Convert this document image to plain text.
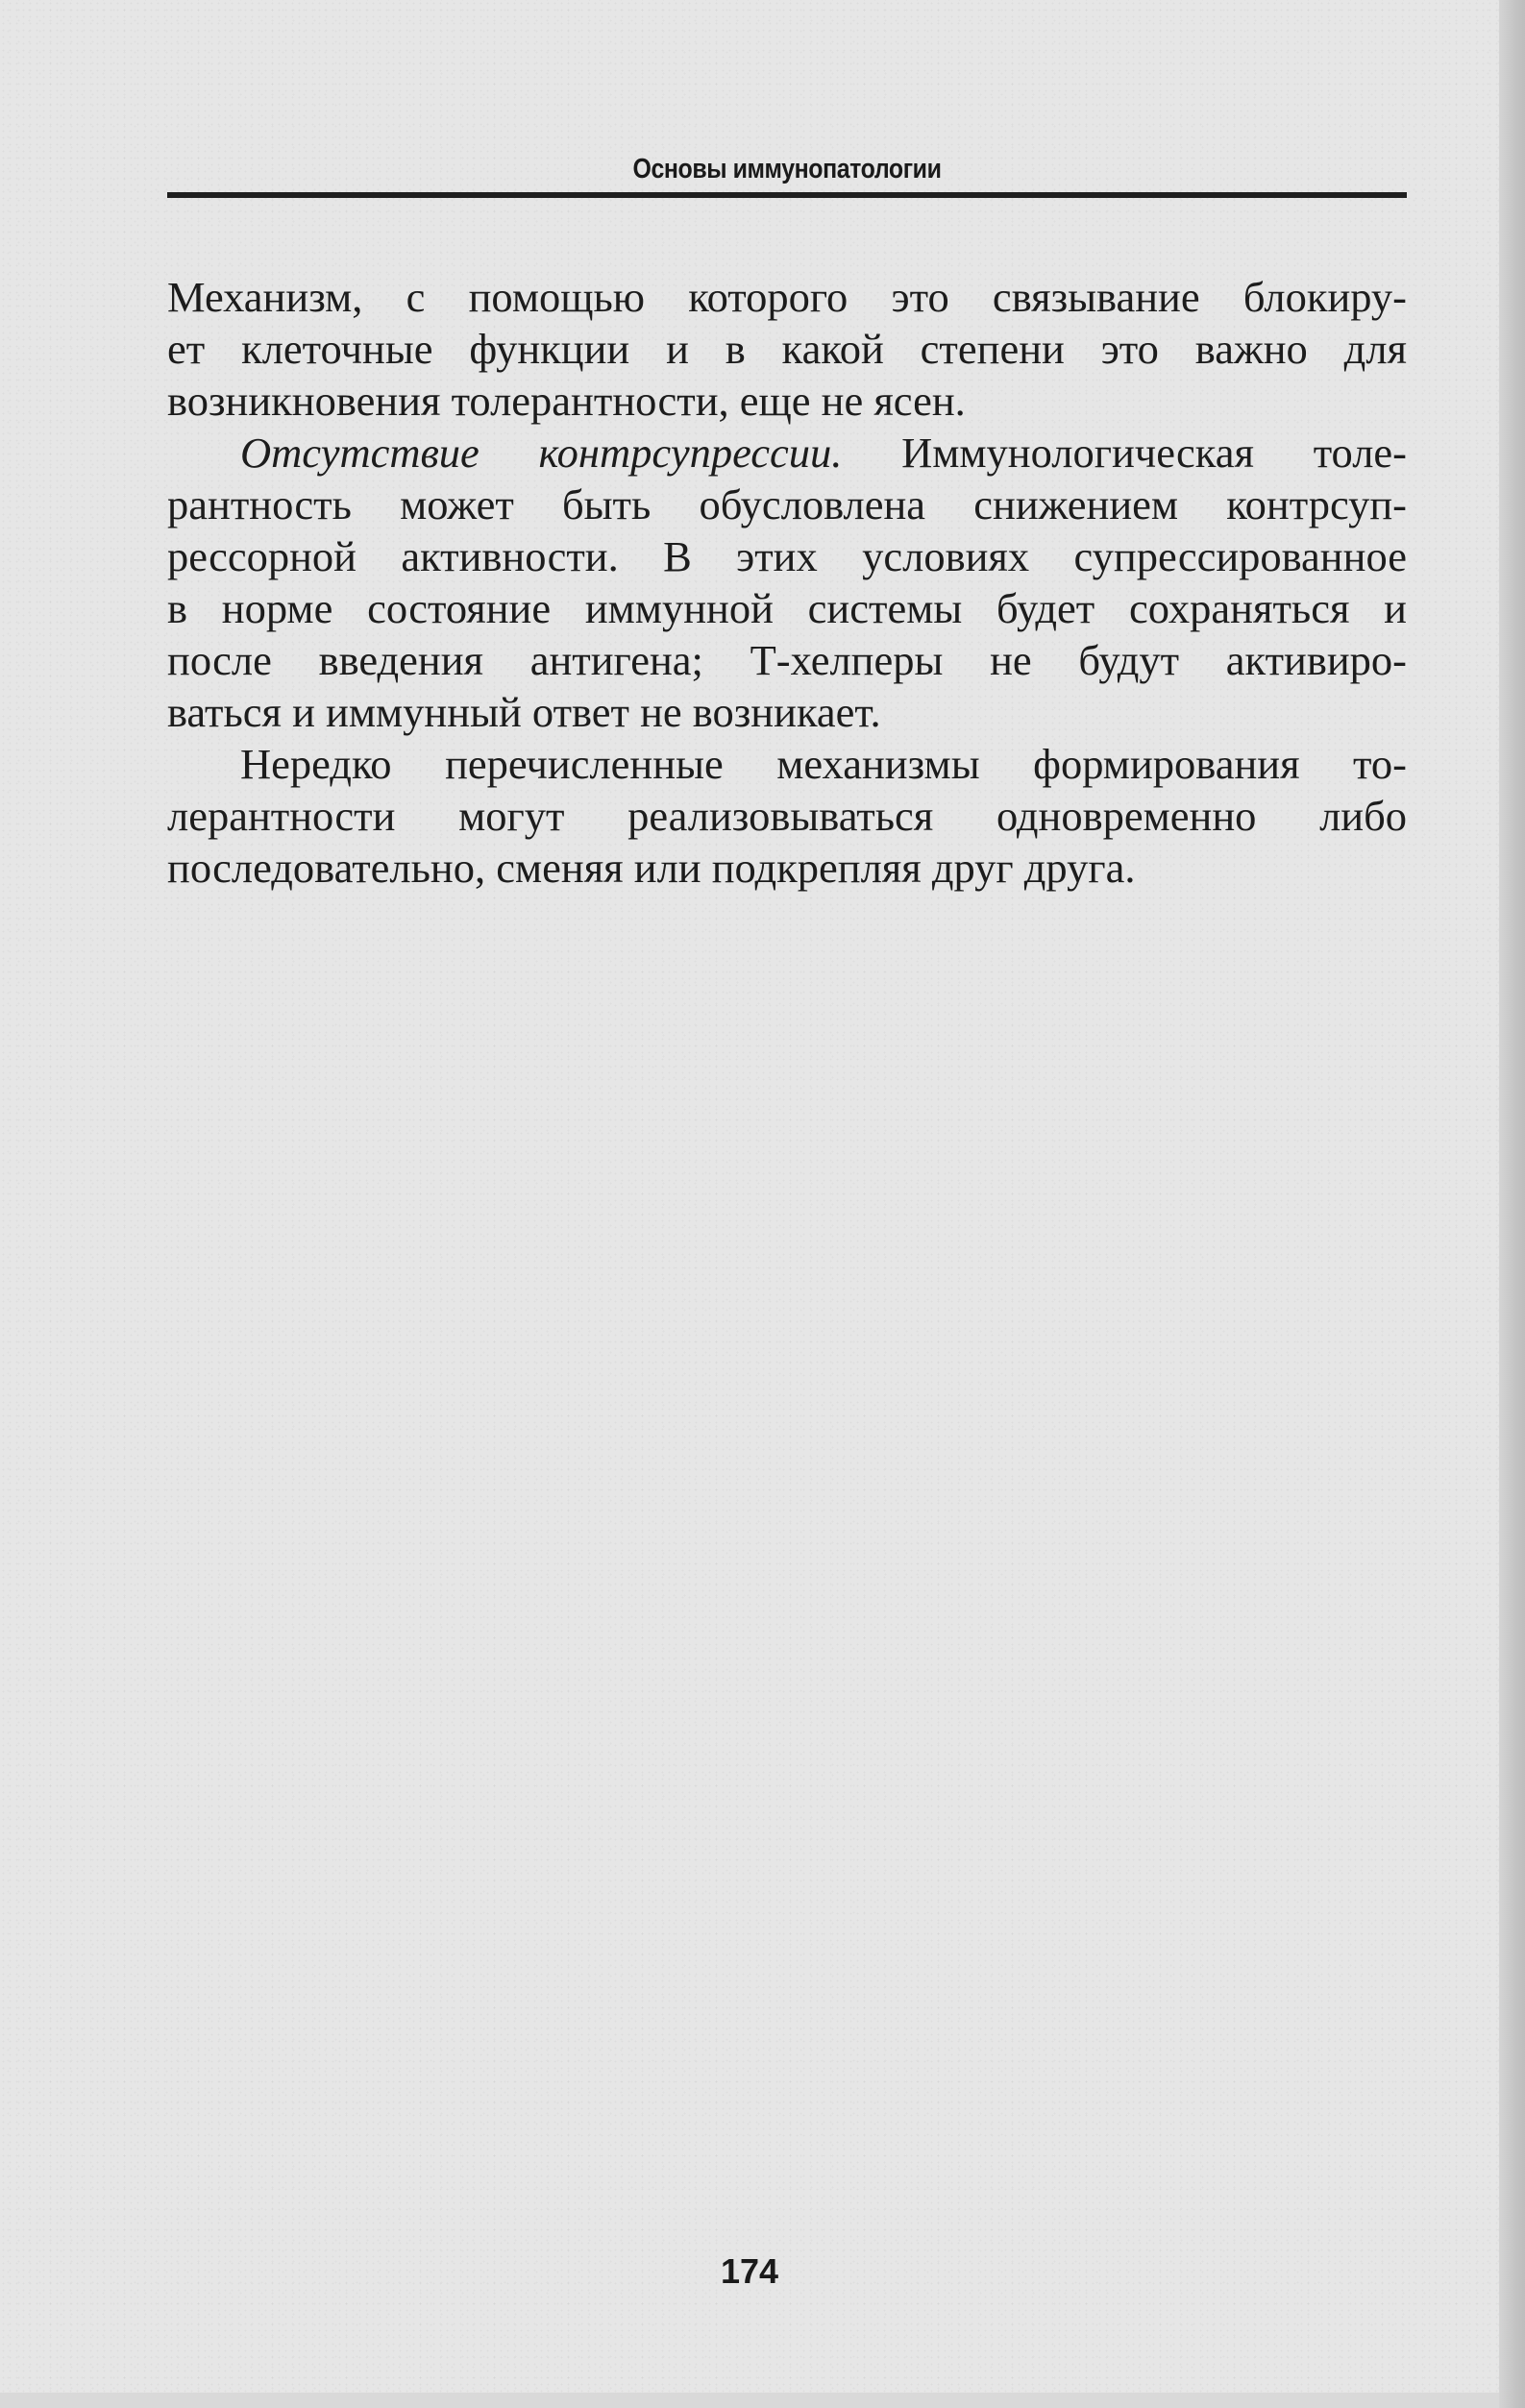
Основы иммунопатологии
Механизм, с помощью которого это связывание блокиру-
ет клеточные функции и в какой степени это важно для
возникновения толерантности, еще не ясен.
Отсутствие контрсупрессии. Иммунологическая толе-
рантность может быть обусловлена снижением контрсуп-
рессорной активности. В этих условиях супрессированное
в норме состояние иммунной системы будет сохраняться и
после введения антигена; Т-хелперы не будут активиро-
ваться и иммунный ответ не возникает.
Нередко перечисленные механизмы формирования то-
лерантности могут реализовываться одновременно либо
последовательно, сменяя или подкрепляя друг друга.
174
